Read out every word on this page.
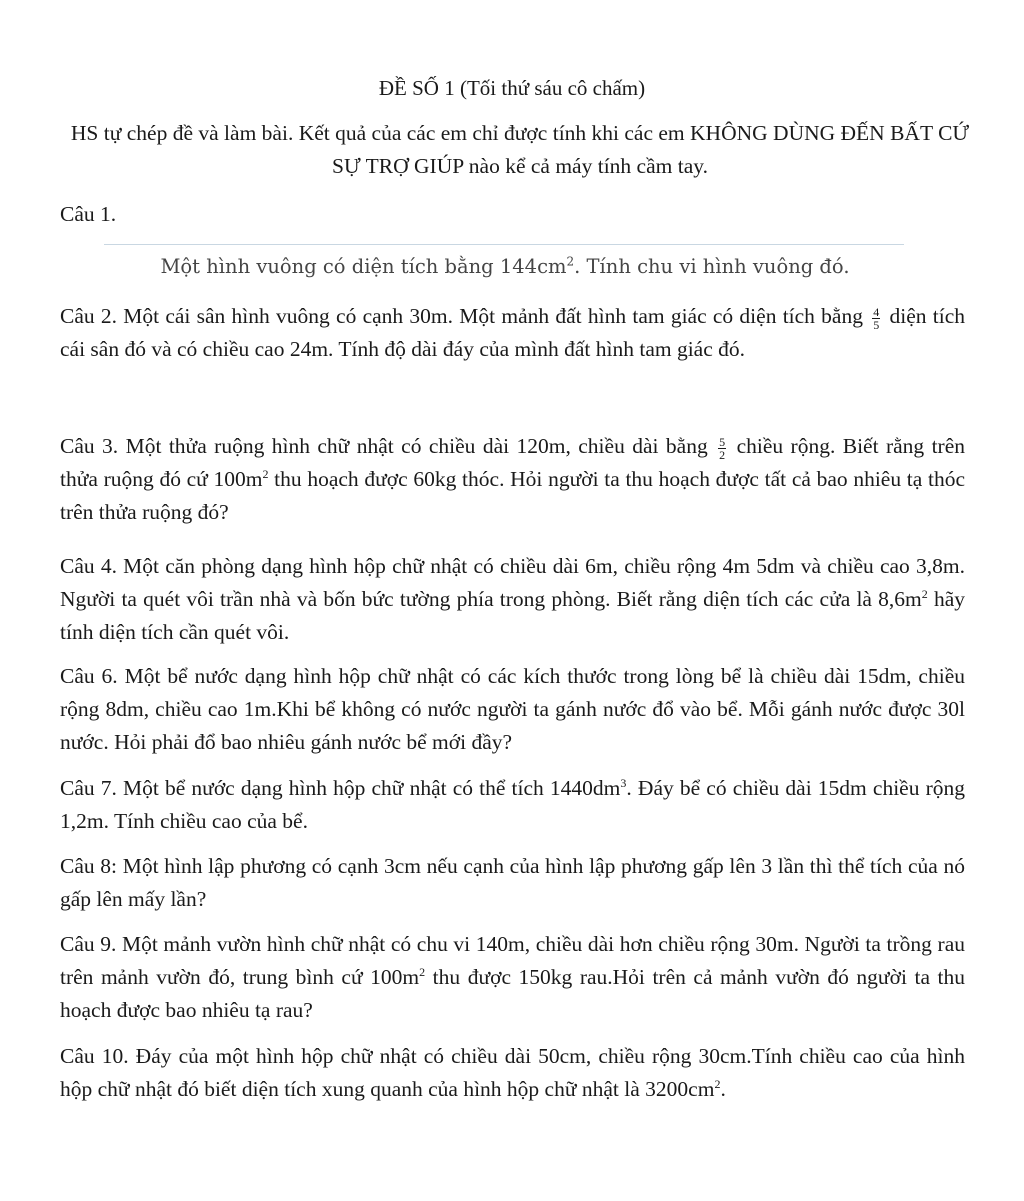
ĐỀ SỐ 1 (Tối thứ sáu cô chấm)
HS tự chép đề và làm bài. Kết quả của các em chỉ được tính khi các em KHÔNG DÙNG ĐẾN BẤT CỨ SỰ TRỢ GIÚP nào kể cả máy tính cầm tay.
Câu 1.
Một hình vuông có diện tích bằng $144cm^2$. Tính chu vi hình vuông đó.
Câu 2. Một cái sân hình vuông có cạnh 30m. Một mảnh đất hình tam giác có diện tích bằng $\frac{4}{5}$ diện tích cái sân đó và có chiều cao 24m. Tính độ dài đáy của mình đất hình tam giác đó.
Câu 3. Một thửa ruộng hình chữ nhật có chiều dài 120m, chiều dài bằng $\frac{5}{2}$ chiều rộng. Biết rằng trên thửa ruộng đó cứ $100m^2$ thu hoạch được 60kg thóc. Hỏi người ta thu hoạch được tất cả bao nhiêu tạ thóc trên thửa ruộng đó?
Câu 4. Một căn phòng dạng hình hộp chữ nhật có chiều dài 6m, chiều rộng 4m 5dm và chiều cao 3,8m. Người ta quét vôi trần nhà và bốn bức tường phía trong phòng. Biết rằng diện tích các cửa là $8,6m^2$ hãy tính diện tích cần quét vôi.
Câu 6. Một bể nước dạng hình hộp chữ nhật có các kích thước trong lòng bể là chiều dài 15dm, chiều rộng 8dm, chiều cao 1m.Khi bể không có nước người ta gánh nước đổ vào bể. Mỗi gánh nước được 30l nước. Hỏi phải đổ bao nhiêu gánh nước bể mới đầy?
Câu 7. Một bể nước dạng hình hộp chữ nhật có thể tích $1440dm^3$. Đáy bể có chiều dài 15dm chiều rộng 1,2m. Tính chiều cao của bể.
Câu 8: Một hình lập phương có cạnh 3cm nếu cạnh của hình lập phương gấp lên 3 lần thì thể tích của nó gấp lên mấy lần?
Câu 9. Một mảnh vườn hình chữ nhật có chu vi 140m, chiều dài hơn chiều rộng 30m. Người ta trồng rau trên mảnh vườn đó, trung bình cứ $100m^2$ thu được 150kg rau.Hỏi trên cả mảnh vườn đó người ta thu hoạch được bao nhiêu tạ rau?
Câu 10. Đáy của một hình hộp chữ nhật có chiều dài 50cm, chiều rộng 30cm.Tính chiều cao của hình hộp chữ nhật đó biết diện tích xung quanh của hình hộp chữ nhật là $3200cm^2$.
